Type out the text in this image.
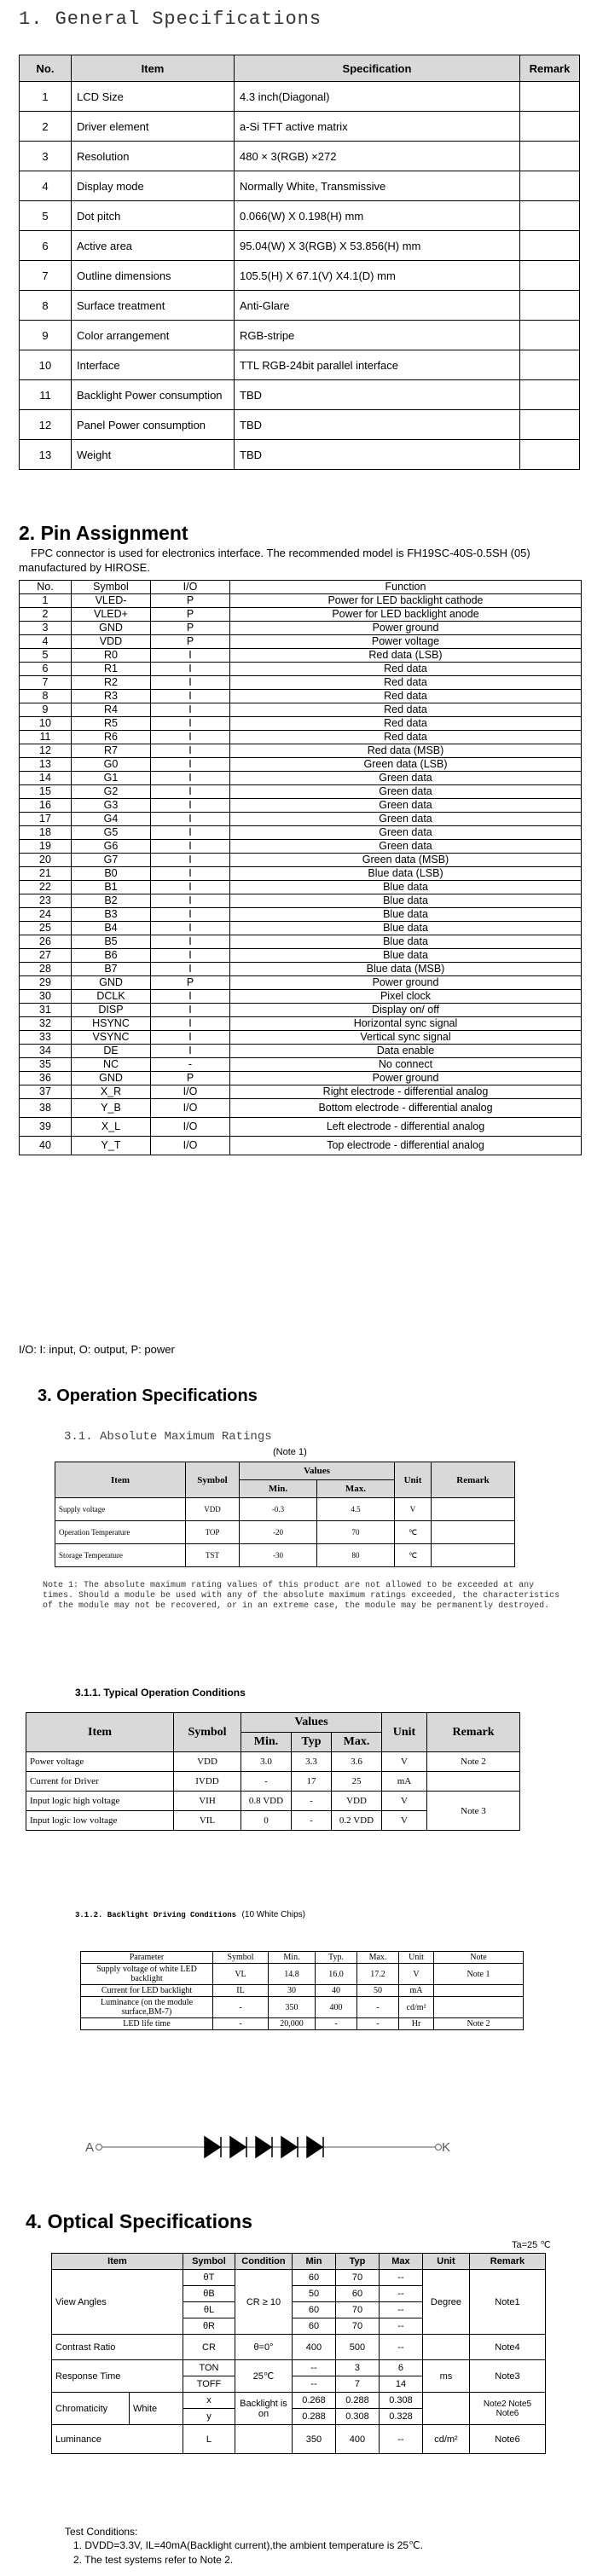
1. General Specifications
No.	Item	Specification	Remark
1	LCD Size	4.3 inch(Diagonal)	
2	Driver element	a-Si TFT active matrix	
3	Resolution	480 × 3(RGB) ×272	
4	Display mode	Normally White, Transmissive	
5	Dot pitch	0.066(W) X 0.198(H) mm	
6	Active area	95.04(W) X 3(RGB) X 53.856(H) mm	
7	Outline dimensions	105.5(H) X 67.1(V) X4.1(D) mm	
8	Surface treatment	Anti-Glare	
9	Color arrangement	RGB-stripe	
10	Interface	TTL RGB-24bit parallel interface	
11	Backlight Power consumption	TBD	
12	Panel Power consumption	TBD	
13	Weight	TBD	
2. Pin Assignment
FPC connector is used for electronics interface. The recommended model is FH19SC-40S-0.5SH (05) manufactured by HIROSE.
No.	Symbol	I/O	Function
1	VLED-	P	Power for LED backlight cathode
2	VLED+	P	Power for LED backlight anode
3	GND	P	Power ground
4	VDD	P	Power voltage
5	R0	I	Red data (LSB)
6	R1	I	Red data
7	R2	I	Red data
8	R3	I	Red data
9	R4	I	Red data
10	R5	I	Red data
11	R6	I	Red data
12	R7	I	Red data (MSB)
13	G0	I	Green data (LSB)
14	G1	I	Green data
15	G2	I	Green data
16	G3	I	Green data
17	G4	I	Green data
18	G5	I	Green data
19	G6	I	Green data
20	G7	I	Green data (MSB)
21	B0	I	Blue data (LSB)
22	B1	I	Blue data
23	B2	I	Blue data
24	B3	I	Blue data
25	B4	I	Blue data
26	B5	I	Blue data
27	B6	I	Blue data
28	B7	I	Blue data (MSB)
29	GND	P	Power ground
30	DCLK	I	Pixel clock
31	DISP	I	Display on/ off
32	HSYNC	I	Horizontal sync signal
33	VSYNC	I	Vertical sync signal
34	DE	I	Data enable
35	NC	-	No connect
36	GND	P	Power ground
37	X_R	I/O	Right electrode - differential analog
38	Y_B	I/O	Bottom electrode - differential analog
39	X_L	I/O	Left electrode - differential analog
40	Y_T	I/O	Top electrode - differential analog
I/O: I: input, O: output, P: power
3. Operation Specifications
3.1. Absolute Maximum Ratings
(Note 1)
Item	Symbol	Values		Unit	Remark
		Min.	Max.		
Supply voltage	VDD	-0.3	4.5	V	
Operation Temperature	TOP	-20	70	℃	
Storage Temperature	TST	-30	80	℃	
Note 1: The absolute maximum rating values of this product are not allowed to be exceeded at any times. Should a module be used with any of the absolute maximum ratings exceeded, the characteristics of the module may not be recovered, or in an extreme case, the module may be permanently destroyed.
3.1.1. Typical Operation Conditions
Item	Symbol	Values			Unit	Remark
		Min.	Typ	Max.		
Power voltage	VDD	3.0	3.3	3.6	V	Note 2
Current for Driver	IVDD	-	17	25	mA	
Input logic high voltage	VIH	0.8 VDD	-	VDD	V	Note 3
Input logic low voltage	VIL	0	-	0.2 VDD	V	
3.1.2. Backlight Driving Conditions (10 White Chips)
Parameter	Symbol	Min.	Typ.	Max.	Unit	Note
Supply voltage of white LED backlight	VL	14.8	16.0	17.2	V	Note 1
Current for LED backlight	IL	30	40	50	mA	
Luminance (on the module surface,BM-7)	-	350	400	-	cd/m²	
LED life time	-	20,000	-	-	Hr	Note 2
A	K
4. Optical Specifications
Ta=25 ℃
Item		Symbol	Condition	Min	Typ	Max	Unit	Remark
View Angles		θT	CR ≥ 10	60	70	--	Degree	Note1
		θB		50	60	--		
		θL		60	70	--		
		θR		60	70	--		
Contrast Ratio		CR	θ=0°	400	500	--		Note4
Response Time		TON	25℃	--	3	6	ms	Note3
		TOFF		--	7	14		
Chromaticity	White	x	Backlight is on	0.268	0.288	0.308		Note2 Note5 Note6
		y		0.288	0.308	0.328		
Luminance		L		350	400	--	cd/m²	Note6
Test Conditions:
1. DVDD=3.3V, IL=40mA(Backlight current),the ambient temperature is 25℃.
2. The test systems refer to Note 2.
